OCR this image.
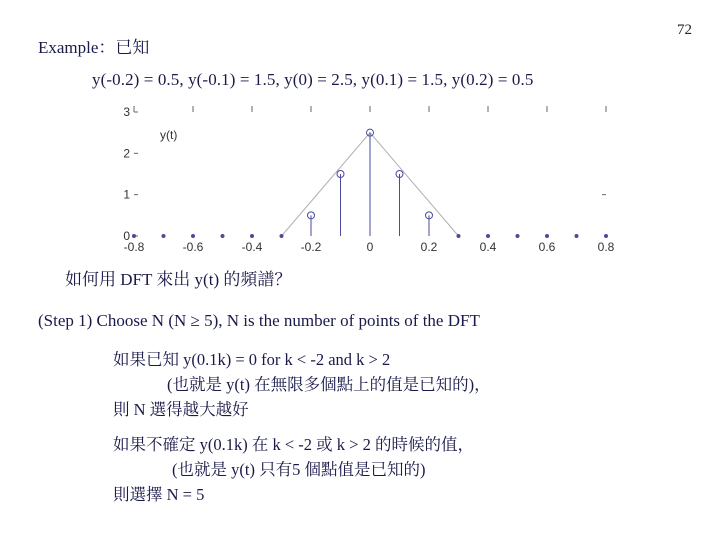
72
Example：已知
y(-0.2) = 0.5, y(-0.1) = 1.5, y(0) = 2.5, y(0.1) = 1.5, y(0.2) = 0.5
0
1
2
3
y(t)
-0.8	-0.6	-0.4	-0.2	0	0.2	0.4	0.6	0.8
如何用 DFT 來出 y(t) 的頻譜？
(Step 1) Choose N (N ≥ 5), N is the number of points of the DFT
如果已知 y(0.1k) = 0 for k < -2 and k > 2
(也就是 y(t) 在無限多個點上的值是已知的)，
則 N 選得越大越好
如果不確定 y(0.1k) 在 k < -2 或 k > 2 的時候的值，
(也就是 y(t) 只有5 個點值是已知的)
則選擇 N = 5
